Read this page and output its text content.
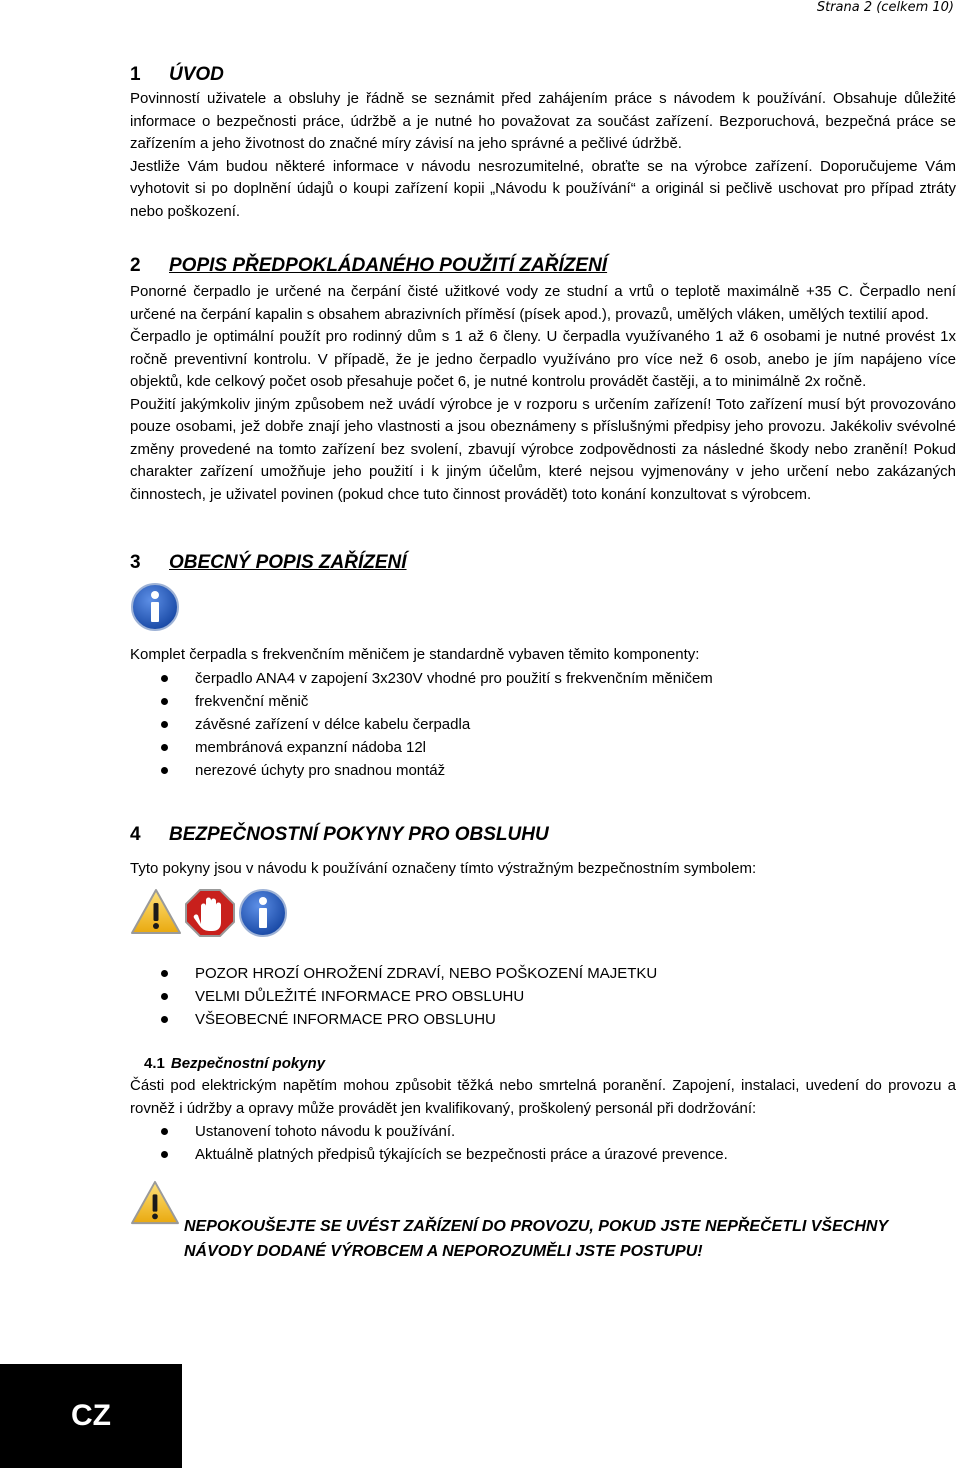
Strana 2 (celkem 10)
1 ÚVOD

Povinností uživatele a obsluhy je řádně se seznámit před zahájením práce s návodem k používání. Obsahuje důležité informace o bezpečnosti práce, údržbě a je nutné ho považovat za součást zařízení. Bezporuchová, bezpečná práce se zařízením a jeho životnost do značné míry závisí na jeho správné a pečlivé údržbě.

Jestliže Vám budou některé informace v návodu nesrozumitelné, obraťte se na výrobce zařízení. Doporučujeme Vám vyhotovit si po doplnění údajů o koupi zařízení kopii „Návodu k používání“ a originál si pečlivě uschovat pro případ ztráty nebo poškození.

2 POPIS PŘEDPOKLÁDANÉHO POUŽITÍ ZAŘÍZENÍ

Ponorné čerpadlo je určené na čerpání čisté užitkové vody ze studní a vrtů o teplotě maximálně +35 C. Čerpadlo není určené na čerpání kapalin s obsahem abrazivních příměsí (písek apod.), provazů, umělých vláken, umělých textilií apod.

Čerpadlo je optimální použít pro rodinný dům s 1 až 6 členy. U čerpadla využívaného 1 až 6 osobami je nutné provést 1x ročně preventivní kontrolu. V případě, že je jedno čerpadlo využíváno pro více než 6 osob, anebo je jím napájeno více objektů, kde celkový počet osob přesahuje počet 6, je nutné kontrolu provádět častěji, a to minimálně 2x ročně.

Použití jakýmkoliv jiným způsobem než uvádí výrobce je v rozporu s určením zařízení! Toto zařízení musí být provozováno pouze osobami, jež dobře znají jeho vlastnosti a jsou obeznámeny s příslušnými předpisy jeho provozu. Jakékoliv svévolné změny provedené na tomto zařízení bez svolení, zbavují výrobce zodpovědnosti za následné škody nebo zranění! Pokud charakter zařízení umožňuje jeho použití i k jiným účelům, které nejsou vyjmenovány v jeho určení nebo zakázaných činnostech, je uživatel povinen (pokud chce tuto činnost provádět) toto konání konzultovat s výrobcem.

3 OBECNÝ POPIS ZAŘÍZENÍ

Komplet čerpadla s frekvenčním měničem je standardně vybaven těmito komponenty:

čerpadlo ANA4 v zapojení 3x230V vhodné pro použití s frekvenčním měničem
frekvenční měnič
závěsné zařízení v délce kabelu čerpadla
membránová expanzní nádoba 12l
nerezové úchyty pro snadnou montáž
4 BEZPEČNOSTNÍ POKYNY PRO OBSLUHU

Tyto pokyny jsou v návodu k používání označeny tímto výstražným bezpečnostním symbolem:

POZOR HROZÍ OHROŽENÍ ZDRAVÍ, NEBO POŠKOZENÍ MAJETKU
VELMI DŮLEŽITÉ INFORMACE PRO OBSLUHU
VŠEOBECNÉ INFORMACE PRO OBSLUHU
4.1 Bezpečnostní pokyny

Části pod elektrickým napětím mohou způsobit těžká nebo smrtelná poranění. Zapojení, instalaci, uvedení do provozu a rovněž i údržby a opravy může provádět jen kvalifikovaný, proškolený personál při dodržování:

Ustanovení tohoto návodu k používání.
Aktuálně platných předpisů týkajících se bezpečnosti práce a úrazové prevence.
NEPOKOUŠEJTE SE UVÉST ZAŘÍZENÍ DO PROVOZU, POKUD JSTE NEPŘEČETLI VŠECHNY
NÁVODY DODANÉ VÝROBCEM A NEPOROZUMĚLI JSTE POSTUPU!
CZ
